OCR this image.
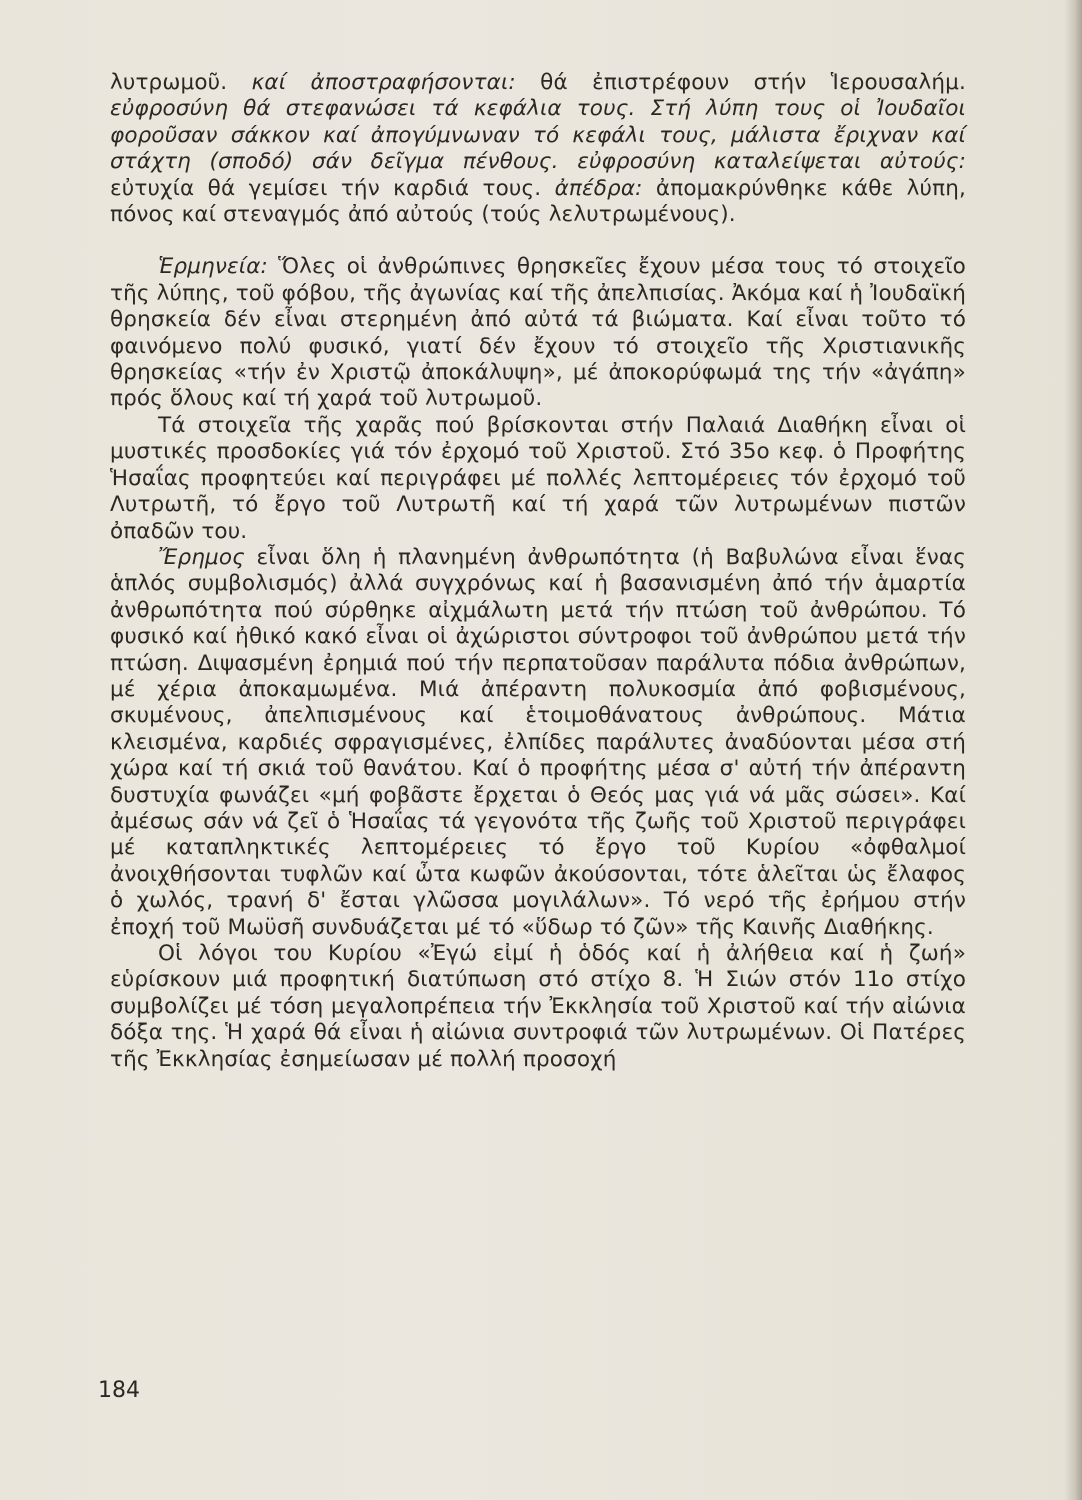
λυτρωμοῦ. καί ἀποστραφήσονται: θά ἐπιστρέφουν στήν Ἱερουσαλήμ. εὐφροσύνη θά στεφανώσει τά κεφάλια τους. Στή λύπη τους οἱ Ἰουδαῖοι φοροῦσαν σάκκον καί ἀπογύμνωναν τό κεφάλι τους, μάλιστα ἔριχναν καί στάχτη (σποδό) σάν δεῖγμα πένθους. εὐφροσύνη καταλείψεται αὐτούς: εὐτυχία θά γεμίσει τήν καρδιά τους. ἀπέδρα: ἀπομακρύνθηκε κάθε λύπη, πόνος καί στεναγμός ἀπό αὐτούς (τούς λελυτρωμένους).

Ἑρμηνεία: Ὅλες οἱ ἀνθρώπινες θρησκεῖες ἔχουν μέσα τους τό στοιχεῖο τῆς λύπης, τοῦ φόβου, τῆς ἀγωνίας καί τῆς ἀπελπισίας. Ἀκόμα καί ἡ Ἰουδαϊκή θρησκεία δέν εἶναι στερημένη ἀπό αὐτά τά βιώματα. Καί εἶναι τοῦτο τό φαινόμενο πολύ φυσικό, γιατί δέν ἔχουν τό στοιχεῖο τῆς Χριστιανικῆς θρησκείας «τήν ἐν Χριστῷ ἀποκάλυψη», μέ ἀποκορύφωμά της τήν «ἀγάπη» πρός ὅλους καί τή χαρά τοῦ λυτρωμοῦ.

Τά στοιχεῖα τῆς χαρᾶς πού βρίσκονται στήν Παλαιά Διαθήκη εἶναι οἱ μυστικές προσδοκίες γιά τόν ἐρχομό τοῦ Χριστοῦ. Στό 35ο κεφ. ὁ Προφήτης Ἡσαΐας προφητεύει καί περιγράφει μέ πολλές λεπτομέρειες τόν ἐρχομό τοῦ Λυτρωτῆ, τό ἔργο τοῦ Λυτρωτῆ καί τή χαρά τῶν λυτρωμένων πιστῶν ὀπαδῶν του.

Ἔρημος εἶναι ὅλη ἡ πλανημένη ἀνθρωπότητα (ἡ Βαβυλώνα εἶναι ἕνας ἁπλός συμβολισμός) ἀλλά συγχρόνως καί ἡ βασανισμένη ἀπό τήν ἁμαρτία ἀνθρωπότητα πού σύρθηκε αἰχμάλωτη μετά τήν πτώση τοῦ ἀνθρώπου. Τό φυσικό καί ἠθικό κακό εἶναι οἱ ἀχώριστοι σύντροφοι τοῦ ἀνθρώπου μετά τήν πτώση. Διψασμένη ἐρημιά πού τήν περπατοῦσαν παράλυτα πόδια ἀνθρώπων, μέ χέρια ἀποκαμωμένα. Μιά ἀπέραντη πολυκοσμία ἀπό φοβισμένους, σκυμένους, ἀπελπισμένους καί ἑτοιμοθάνατους ἀνθρώπους. Μάτια κλεισμένα, καρδιές σφραγισμένες, ἐλπίδες παράλυτες ἀναδύονται μέσα στή χώρα καί τή σκιά τοῦ θανάτου. Καί ὁ προφήτης μέσα σ' αὐτή τήν ἀπέραντη δυστυχία φωνάζει «μή φοβᾶστε ἔρχεται ὁ Θεός μας γιά νά μᾶς σώσει». Καί ἀμέσως σάν νά ζεῖ ὁ Ἡσαΐας τά γεγονότα τῆς ζωῆς τοῦ Χριστοῦ περιγράφει μέ καταπληκτικές λεπτομέρειες τό ἔργο τοῦ Κυρίου «ὀφθαλμοί ἀνοιχθήσονται τυφλῶν καί ὦτα κωφῶν ἀκούσονται, τότε ἁλεῖται ὡς ἔλαφος ὁ χωλός, τρανή δ' ἔσται γλῶσσα μογιλάλων». Τό νερό τῆς ἐρήμου στήν ἐποχή τοῦ Μωϋσῆ συνδυάζεται μέ τό «ὕδωρ τό ζῶν» τῆς Καινῆς Διαθήκης.

Οἱ λόγοι του Κυρίου «Ἐγώ εἰμί ἡ ὁδός καί ἡ ἀλήθεια καί ἡ ζωή» εὑρίσκουν μιά προφητική διατύπωση στό στίχο 8. Ἡ Σιών στόν 11ο στίχο συμβολίζει μέ τόση μεγαλοπρέπεια τήν Ἐκκλησία τοῦ Χριστοῦ καί τήν αἰώνια δόξα της. Ἡ χαρά θά εἶναι ἡ αἰώνια συντροφιά τῶν λυτρωμένων. Οἱ Πατέρες τῆς Ἐκκλησίας ἐσημείωσαν μέ πολλή προσοχή

184
